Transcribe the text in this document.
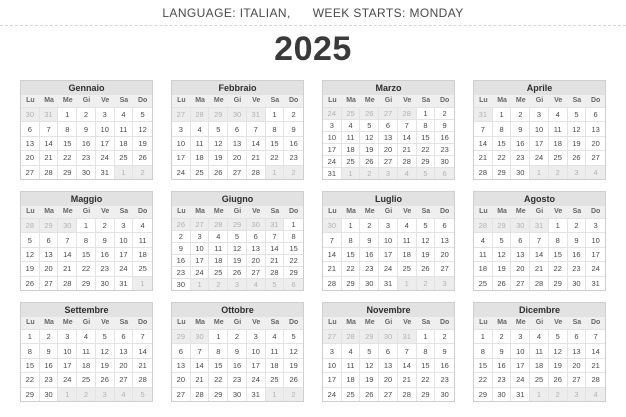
LANGUAGE: ITALIAN, WEEK STARTS: MONDAY
2025
Gennaio
Lu	Ma	Me	Gi	Ve	Sa	Do
30	31	1	2	3	4	5
6	7	8	9	10	11	12
13	14	15	16	17	18	19
20	21	22	23	24	25	26
27	28	29	30	31	1	2
Febbraio
Lu	Ma	Me	Gi	Ve	Sa	Do
27	28	29	30	31	1	2
3	4	5	6	7	8	9
10	11	12	13	14	15	16
17	18	19	20	21	22	23
24	25	26	27	28	1	2
Marzo
Lu	Ma	Me	Gi	Ve	Sa	Do
24	25	26	27	28	1	2
3	4	5	6	7	8	9
10	11	12	13	14	15	16
17	18	19	20	21	22	23
24	25	26	27	28	29	30
31	1	2	3	4	5	6
Aprile
Lu	Ma	Me	Gi	Ve	Sa	Do
31	1	2	3	4	5	6
7	8	9	10	11	12	13
14	15	16	17	18	19	20
21	22	23	24	25	26	27
28	29	30	1	2	3	4
Maggio
Lu	Ma	Me	Gi	Ve	Sa	Do
28	29	30	1	2	3	4
5	6	7	8	9	10	11
12	13	14	15	16	17	18
19	20	21	22	23	24	25
26	27	28	29	30	31	1
Giugno
Lu	Ma	Me	Gi	Ve	Sa	Do
26	27	28	29	30	31	1
2	3	4	5	6	7	8
9	10	11	12	13	14	15
16	17	18	19	20	21	22
23	24	25	26	27	28	29
30	1	2	3	4	5	6
Luglio
Lu	Ma	Me	Gi	Ve	Sa	Do
30	1	2	3	4	5	6
7	8	9	10	11	12	13
14	15	16	17	18	19	20
21	22	23	24	25	26	27
28	29	30	31	1	2	3
Agosto
Lu	Ma	Me	Gi	Ve	Sa	Do
28	29	30	31	1	2	3
4	5	6	7	8	9	10
11	12	13	14	15	16	17
18	19	20	21	22	23	24
25	26	27	28	29	30	31
Settembre
Lu	Ma	Me	Gi	Ve	Sa	Do
1	2	3	4	5	6	7
8	9	10	11	12	13	14
15	16	17	18	19	20	21
22	23	24	25	26	27	28
29	30	1	2	3	4	5
Ottobre
Lu	Ma	Me	Gi	Ve	Sa	Do
29	30	1	2	3	4	5
6	7	8	9	10	11	12
13	14	15	16	17	18	19
20	21	22	23	24	25	26
27	28	29	30	31	1	2
Novembre
Lu	Ma	Me	Gi	Ve	Sa	Do
27	28	29	30	31	1	2
3	4	5	6	7	8	9
10	11	12	13	14	15	16
17	18	19	20	21	22	23
24	25	26	27	28	29	30
Dicembre
Lu	Ma	Me	Gi	Ve	Sa	Do
1	2	3	4	5	6	7
8	9	10	11	12	13	14
15	16	17	18	19	20	21
22	23	24	25	26	27	28
29	30	31	1	2	3	4
